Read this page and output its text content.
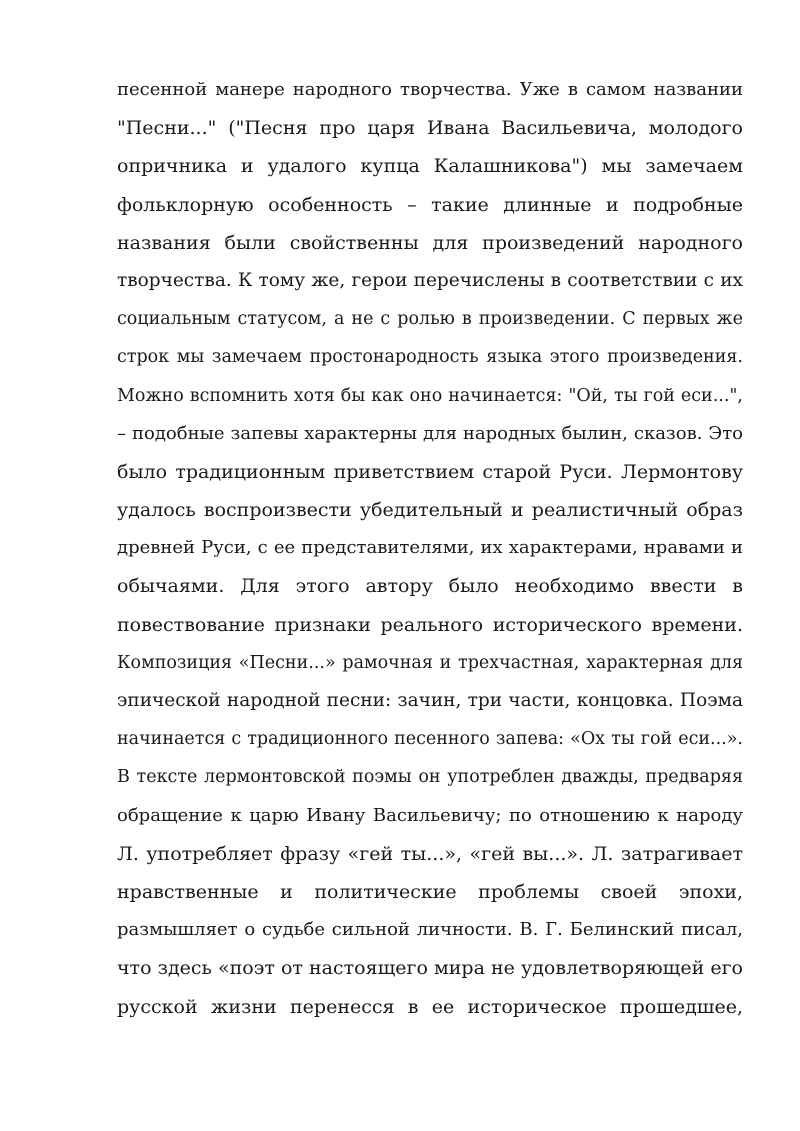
песенной манере народного творчества. Уже в самом названии
"Песни..." ("Песня про царя Ивана Васильевича, молодого
опричника и удалого купца Калашникова") мы замечаем
фольклорную особенность – такие длинные и подробные
названия были свойственны для произведений народного
творчества. К тому же, герои перечислены в соответствии с их
социальным статусом, а не с ролью в произведении. С первых же
строк мы замечаем простонародность языка этого произведения.
Можно вспомнить хотя бы как оно начинается: "Ой, ты гой еси...",
– подобные запевы характерны для народных былин, сказов. Это
было традиционным приветствием старой Руси. Лермонтову
удалось воспроизвести убедительный и реалистичный образ
древней Руси, с ее представителями, их характерами, нравами и
обычаями. Для этого автору было необходимо ввести в
повествование признаки реального исторического времени.
Композиция «Песни...» рамочная и трехчастная, характерная для
эпической народной песни: зачин, три части, концовка. Поэма
начинается с традиционного песенного запева: «Ох ты гой еси...».
В тексте лермонтовской поэмы он употреблен дважды, предваряя
обращение к царю Ивану Васильевичу; по отношению к народу
Л. употребляет фразу «гей ты...», «гей вы...». Л. затрагивает
нравственные и политические проблемы своей эпохи,
размышляет о судьбе сильной личности. В. Г. Белинский писал,
что здесь «поэт от настоящего мира не удовлетворяющей его
русской жизни перенесся в ее историческое прошедшее,
